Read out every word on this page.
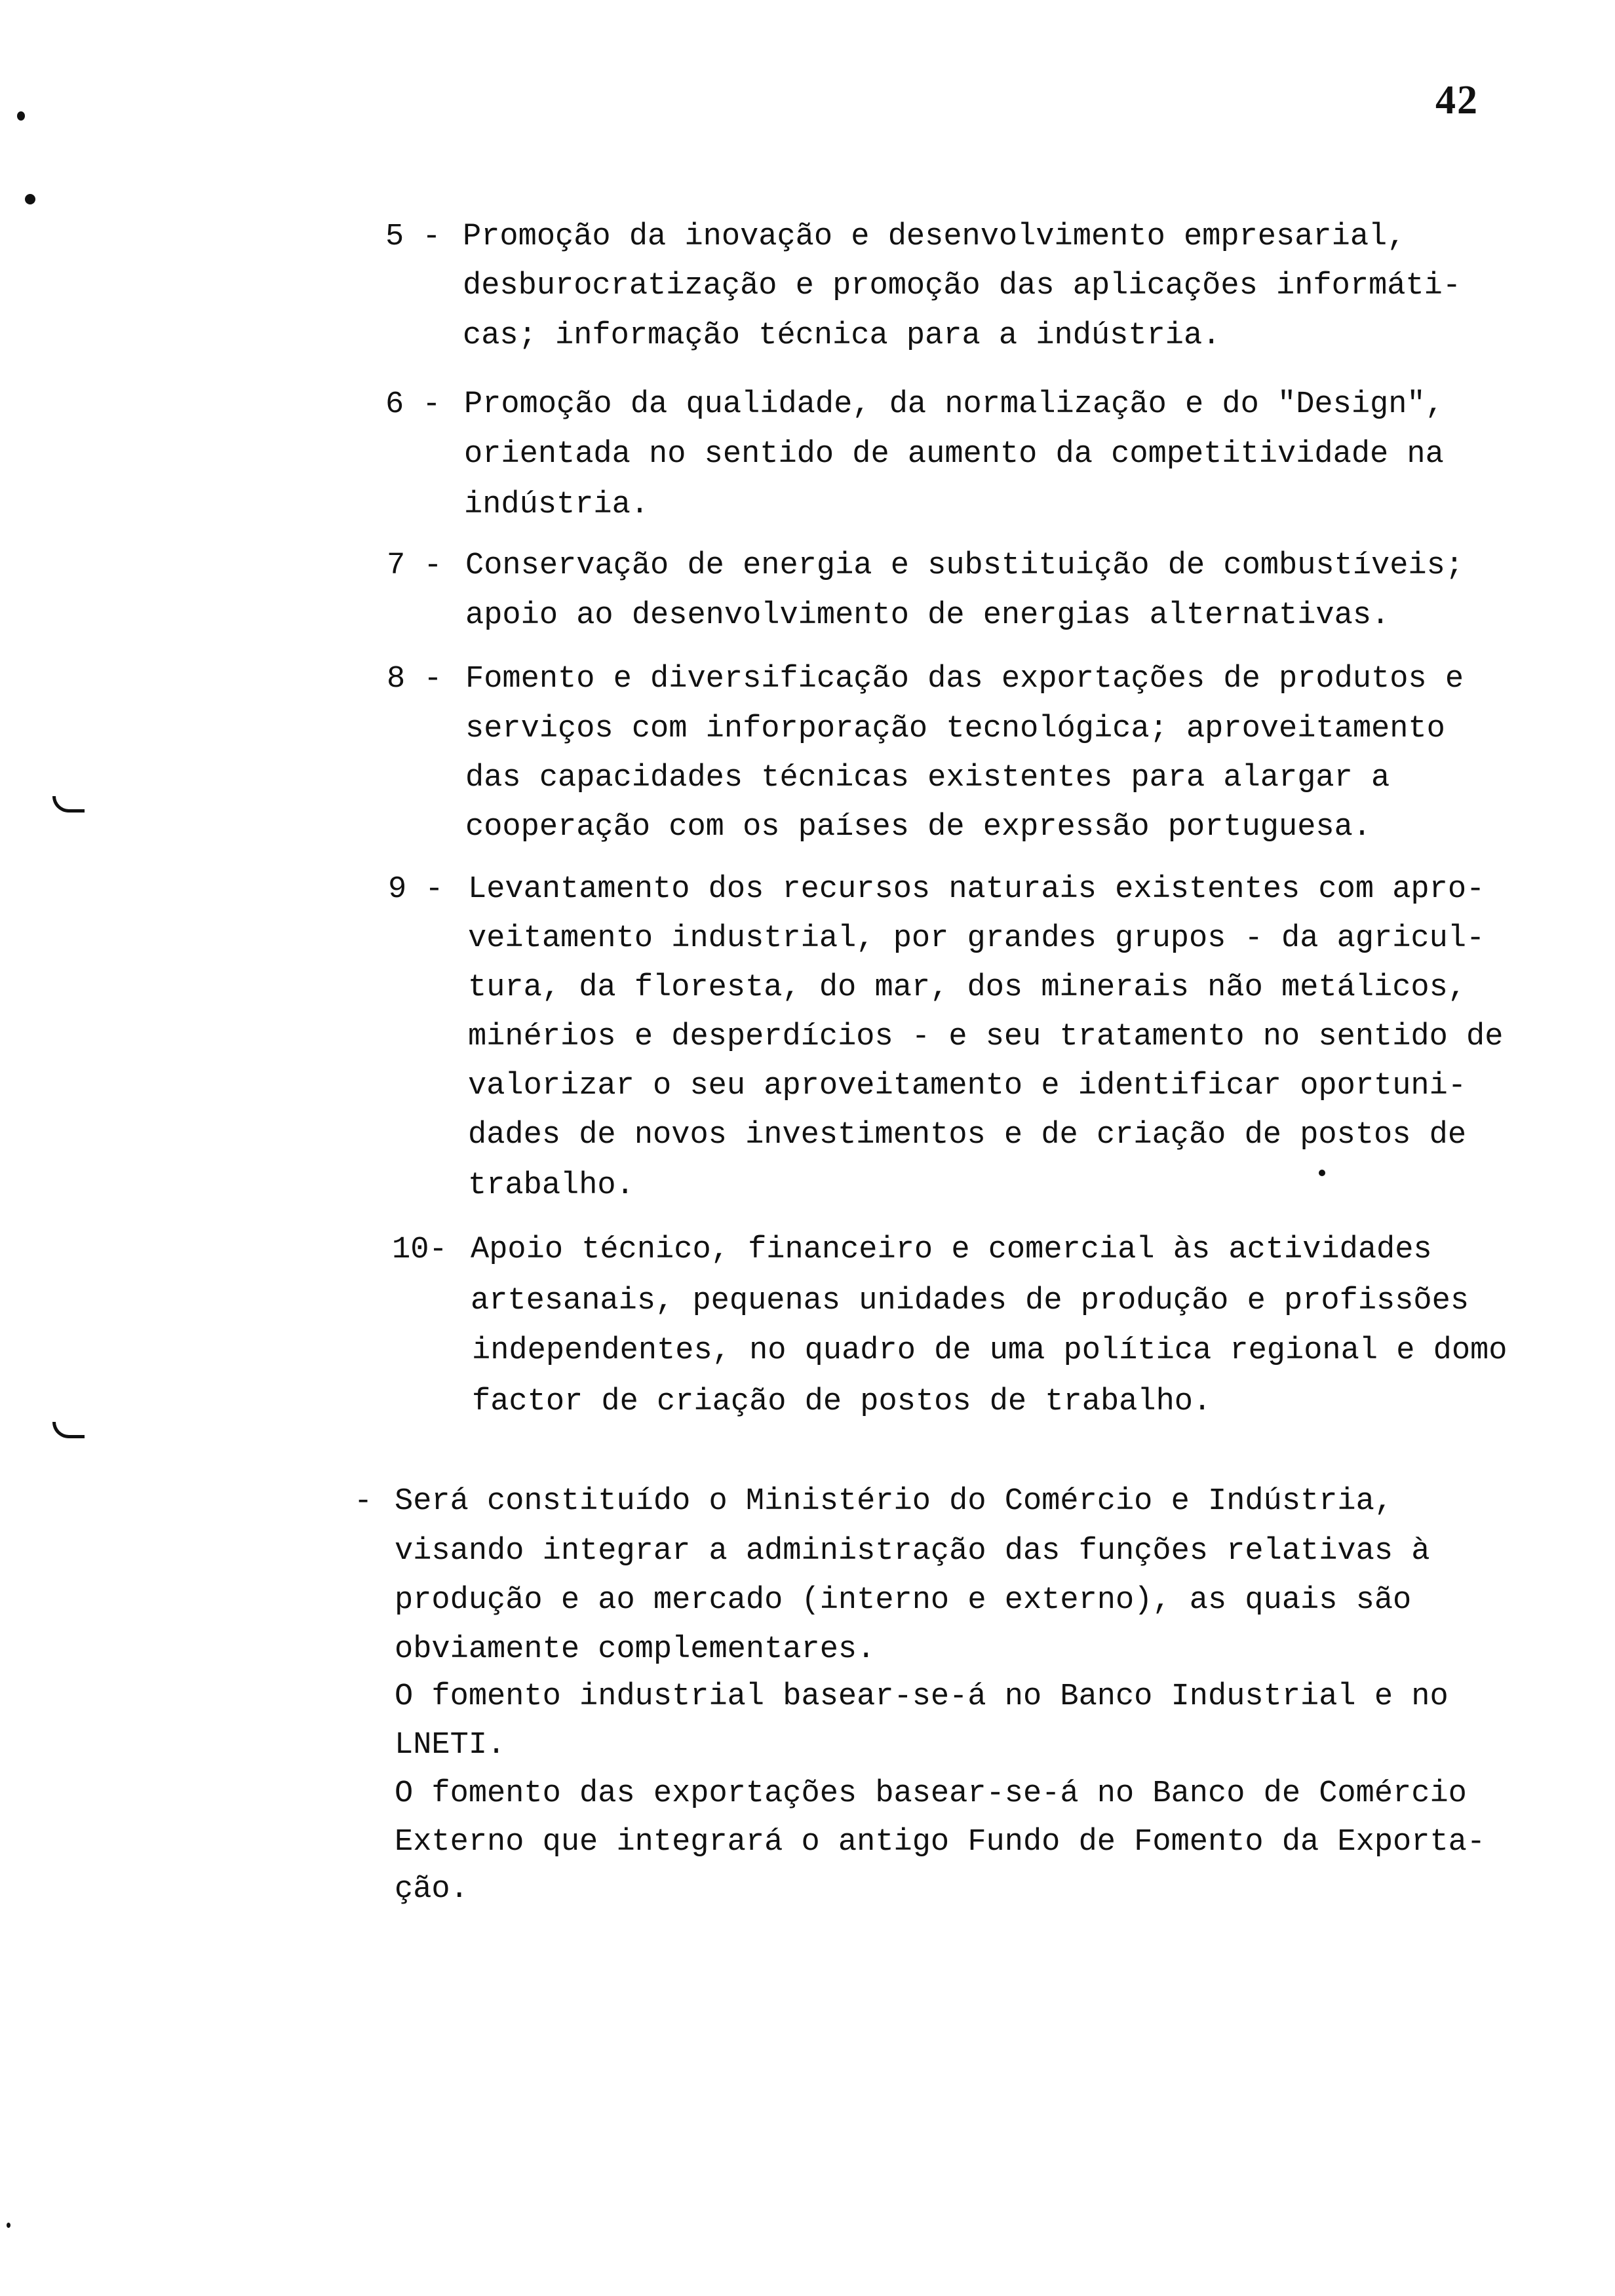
42
5 - Promoção da inovação e desenvolvimento empresarial,
desburocratização e promoção das aplicações informáti-
cas; informação técnica para a indústria.
6 - Promoção da qualidade, da normalização e do "Design",
orientada no sentido de aumento da competitividade na
indústria.
7 - Conservação de energia e substituição de combustíveis;
apoio ao desenvolvimento de energias alternativas.
8 - Fomento e diversificação das exportações de produtos e
serviços com inforporação tecnológica; aproveitamento
das capacidades técnicas existentes para alargar a
cooperação com os países de expressão portuguesa.
9 - Levantamento dos recursos naturais existentes com apro-
veitamento industrial, por grandes grupos - da agricul-
tura, da floresta, do mar, dos minerais não metálicos,
minérios e desperdícios - e seu tratamento no sentido de
valorizar o seu aproveitamento e identificar oportuni-
dades de novos investimentos e de criação de postos de
trabalho.
10- Apoio técnico, financeiro e comercial às actividades
artesanais, pequenas unidades de produção e profissões
independentes, no quadro de uma política regional e domo
factor de criação de postos de trabalho.
- Será constituído o Ministério do Comércio e Indústria,
visando integrar a administração das funções relativas à
produção e ao mercado (interno e externo), as quais são
obviamente complementares.
O fomento industrial basear-se-á no Banco Industrial e no
LNETI.
O fomento das exportações basear-se-á no Banco de Comércio
Externo que integrará o antigo Fundo de Fomento da Exporta-
ção.
